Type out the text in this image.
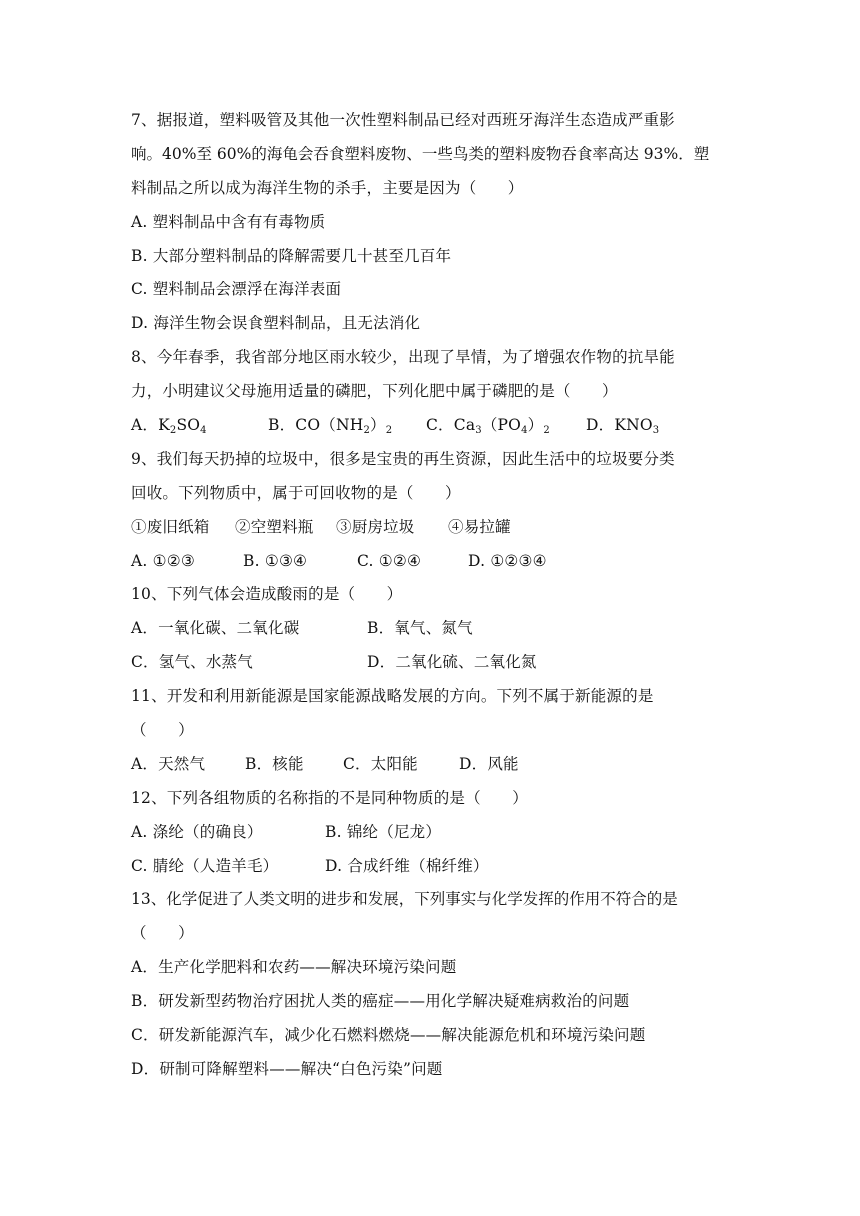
7、据报道，塑料吸管及其他一次性塑料制品已经对西班牙海洋生态造成严重影
响。40%至 60%的海龟会吞食塑料废物、一些鸟类的塑料废物吞食率高达 93%．塑
料制品之所以成为海洋生物的杀手，主要是因为（　　）
A. 塑料制品中含有有毒物质
B. 大部分塑料制品的降解需要几十甚至几百年
C. 塑料制品会漂浮在海洋表面
D. 海洋生物会误食塑料制品，且无法消化
8、今年春季，我省部分地区雨水较少，出现了旱情，为了增强农作物的抗旱能
力，小明建议父母施用适量的磷肥，下列化肥中属于磷肥的是（　　）
A．$K_2SO_4$	B．$CO(NH_2)_2$	C．$Ca_3(PO_4)_2$	D．$KNO_3$
9、我们每天扔掉的垃圾中，很多是宝贵的再生资源，因此生活中的垃圾要分类
回收。下列物质中，属于可回收物的是（　　）
①废旧纸箱	②空塑料瓶	③厨房垃圾	④易拉罐
A. ①②③	B. ①③④	C. ①②④	D. ①②③④
10、下列气体会造成酸雨的是（　　）
A．一氧化碳、二氧化碳	B．氧气、氮气
C．氢气、水蒸气	D．二氧化硫、二氧化氮
11、开发和利用新能源是国家能源战略发展的方向。下列不属于新能源的是
（　　）
A．天然气	B．核能	C．太阳能	D．风能
12、下列各组物质的名称指的不是同种物质的是（　　）
A. 涤纶（的确良）	B. 锦纶（尼龙）
C. 腈纶（人造羊毛）	D. 合成纤维（棉纤维）
13、化学促进了人类文明的进步和发展，下列事实与化学发挥的作用不符合的是
（　　）
A．生产化学肥料和农药——解决环境污染问题
B．研发新型药物治疗困扰人类的癌症——用化学解决疑难病救治的问题
C．研发新能源汽车，减少化石燃料燃烧——解决能源危机和环境污染问题
D．研制可降解塑料——解决“白色污染”问题
